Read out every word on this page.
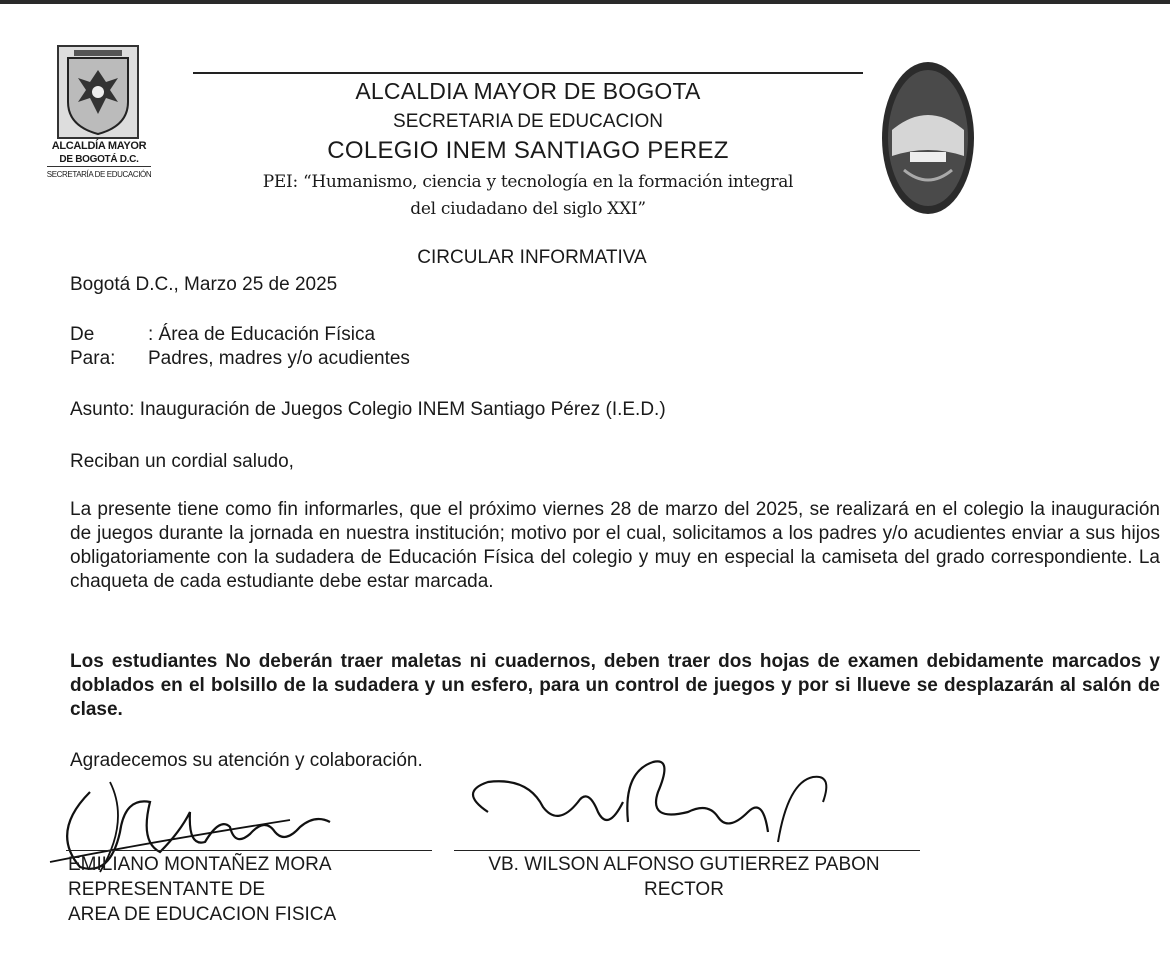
ALCALDÍA MAYOR
DE BOGOTÁ D.C.
SECRETARÍA DE EDUCACIÓN
ALCALDIA MAYOR DE BOGOTA
SECRETARIA DE EDUCACION
COLEGIO INEM SANTIAGO PEREZ
PEI: “Humanismo, ciencia y tecnología en la formación integral
del ciudadano del siglo XXI”
CIRCULAR INFORMATIVA
Bogotá D.C., Marzo 25 de 2025
De	: Área de Educación Física
Para: Padres, madres y/o acudientes
Asunto: Inauguración de Juegos Colegio INEM Santiago Pérez (I.E.D.)
Reciban un cordial saludo,
La presente tiene como fin informarles, que el próximo viernes 28 de marzo del 2025, se realizará en el colegio la inauguración de juegos durante la jornada en nuestra institución; motivo por el cual, solicitamos a los padres y/o acudientes enviar a sus hijos obligatoriamente con la sudadera de Educación Física del colegio y muy en especial la camiseta del grado correspondiente. La chaqueta de cada estudiante debe estar marcada.
Los estudiantes No deberán traer maletas ni cuadernos, deben traer dos hojas de examen debidamente marcados y doblados en el bolsillo de la sudadera y un esfero, para un control de juegos y por si llueve se desplazarán al salón de clase.
Agradecemos su atención y colaboración.
EMILIANO MONTAÑEZ MORA
REPRESENTANTE DE
AREA DE EDUCACION FISICA
VB. WILSON ALFONSO GUTIERREZ PABON
RECTOR
